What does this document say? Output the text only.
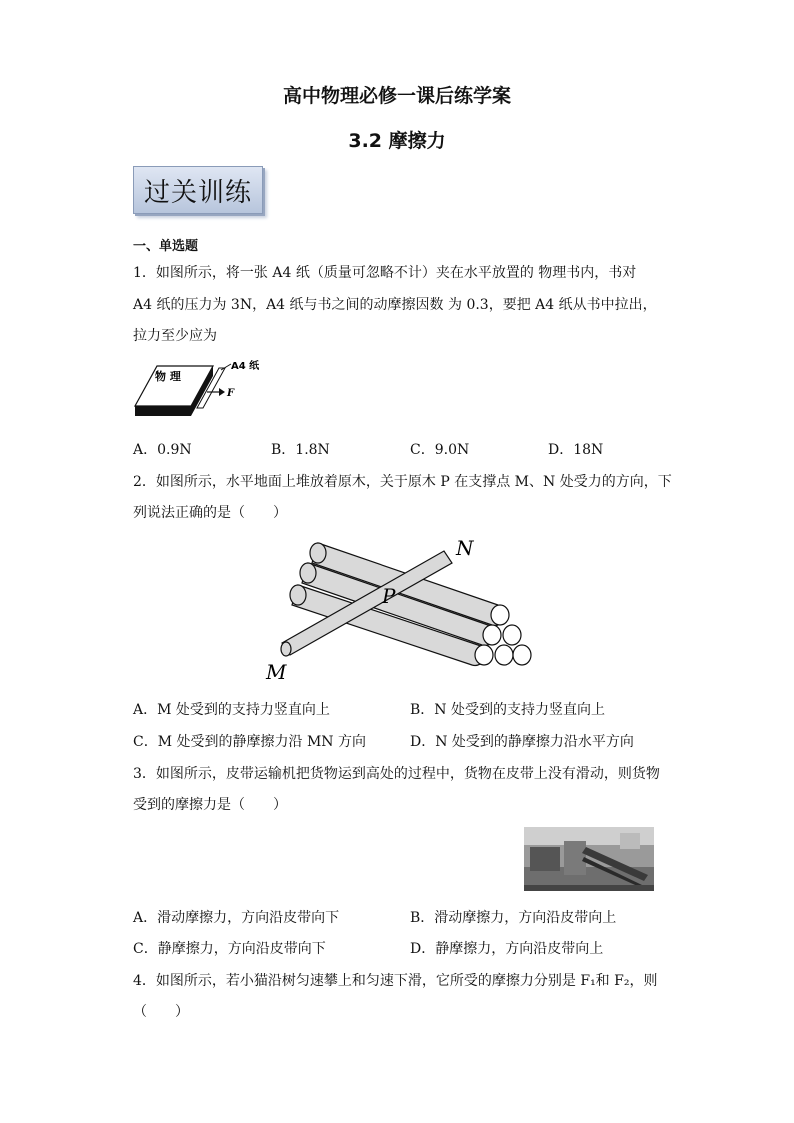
高中物理必修一课后练学案
3.2 摩擦力
过关训练
一、单选题
1．如图所示，将一张 A4 纸（质量可忽略不计）夹在水平放置的 物理书内，书对
A4 纸的压力为 3N，A4 纸与书之间的动摩擦因数 为 0.3，要把 A4 纸从书中拉出，
拉力至少应为
物 理
A4 纸
F
A．0.9N	B．1.8N	C．9.0N	D．18N
2．如图所示，水平地面上堆放着原木，关于原木 P 在支撑点 M、N 处受力的方向，下
列说法正确的是（　　）
N
P
M
A．M 处受到的支持力竖直向上	B．N 处受到的支持力竖直向上
C．M 处受到的静摩擦力沿 MN 方向	D．N 处受到的静摩擦力沿水平方向
3．如图所示，皮带运输机把货物运到高处的过程中，货物在皮带上没有滑动，则货物
受到的摩擦力是（　　）
A．滑动摩擦力，方向沿皮带向下	B．滑动摩擦力，方向沿皮带向上
C．静摩擦力，方向沿皮带向下	D．静摩擦力，方向沿皮带向上
4．如图所示，若小猫沿树匀速攀上和匀速下滑，它所受的摩擦力分别是 F₁和 F₂，则
（　　）
